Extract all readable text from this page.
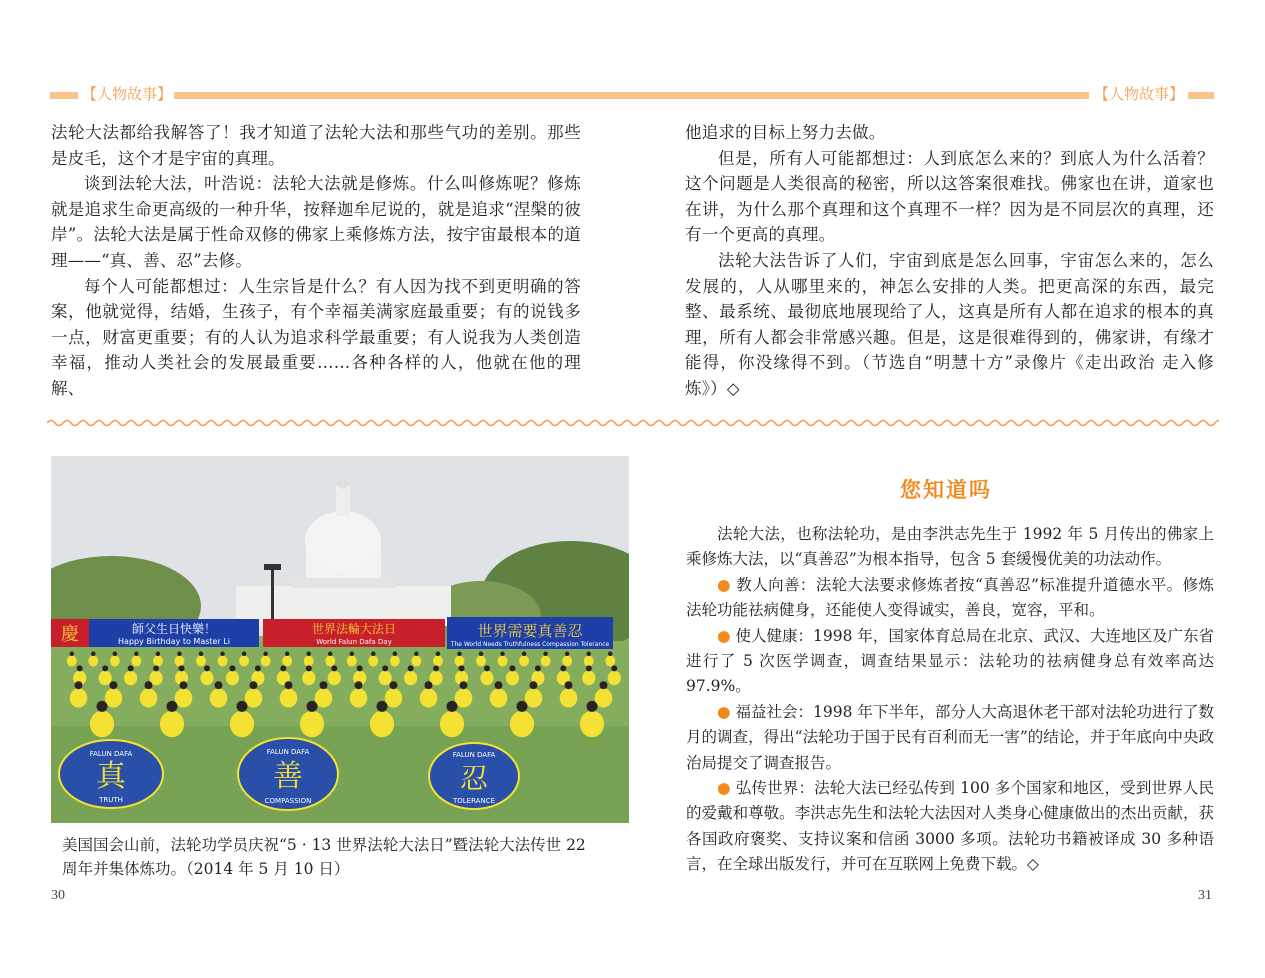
【人物故事】	【人物故事】

法轮大法都给我解答了！我才知道了法轮大法和那些气功的差别。那些是皮毛，这个才是宇宙的真理。

谈到法轮大法，叶浩说：法轮大法就是修炼。什么叫修炼呢？修炼就是追求生命更高级的一种升华，按释迦牟尼说的，就是追求“涅槃的彼岸”。法轮大法是属于性命双修的佛家上乘修炼方法，按宇宙最根本的道理——“真、善、忍”去修。

每个人可能都想过：人生宗旨是什么？有人因为找不到更明确的答案，他就觉得，结婚，生孩子，有个幸福美满家庭最重要；有的说钱多一点，财富更重要；有的人认为追求科学最重要；有人说我为人类创造幸福，推动人类社会的发展最重要……各种各样的人，他就在他的理解、

他追求的目标上努力去做。

但是，所有人可能都想过：人到底怎么来的？到底人为什么活着？这个问题是人类很高的秘密，所以这答案很难找。佛家也在讲，道家也在讲，为什么那个真理和这个真理不一样？因为是不同层次的真理，还有一个更高的真理。

法轮大法告诉了人们，宇宙到底是怎么回事，宇宙怎么来的，怎么发展的，人从哪里来的，神怎么安排的人类。把更高深的东西，最完整、最系统、最彻底地展现给了人，这真是所有人都在追求的根本的真理，所有人都会非常感兴趣。但是，这是很难得到的，佛家讲，有缘才能得，你没缘得不到。（节选自“明慧十方”录像片《走出政治 走入修炼》）◇

慶	師父生日快樂！
Happy Birthday to Master Li
世界法輪大法日
World Falun Dafa Day
世界需要真善忍
The World Needs Truthfulness Compassion Tolerance
真
FALUN DAFA
TRUTH
善
FALUN DAFA
COMPASSION
忍
FALUN DAFA
TOLERANCE
美国国会山前，法轮功学员庆祝“5 · 13 世界法轮大法日”暨法轮大法传世 22 周年并集体炼功。（2014 年 5 月 10 日）
30	31
您知道吗

法轮大法，也称法轮功，是由李洪志先生于 1992 年 5 月传出的佛家上乘修炼大法，以“真善忍”为根本指导，包含 5 套缓慢优美的功法动作。

● 教人向善：法轮大法要求修炼者按“真善忍”标准提升道德水平。修炼法轮功能祛病健身，还能使人变得诚实，善良，宽容，平和。

● 使人健康：1998 年，国家体育总局在北京、武汉、大连地区及广东省进行了 5 次医学调查，调查结果显示：法轮功的祛病健身总有效率高达 97.9%。

● 福益社会：1998 年下半年，部分人大高退休老干部对法轮功进行了数月的调查，得出“法轮功于国于民有百利而无一害”的结论，并于年底向中央政治局提交了调查报告。

● 弘传世界：法轮大法已经弘传到 100 多个国家和地区，受到世界人民的爱戴和尊敬。李洪志先生和法轮大法因对人类身心健康做出的杰出贡献，获各国政府褒奖、支持议案和信函 3000 多项。法轮功书籍被译成 30 多种语言，在全球出版发行，并可在互联网上免费下载。◇
